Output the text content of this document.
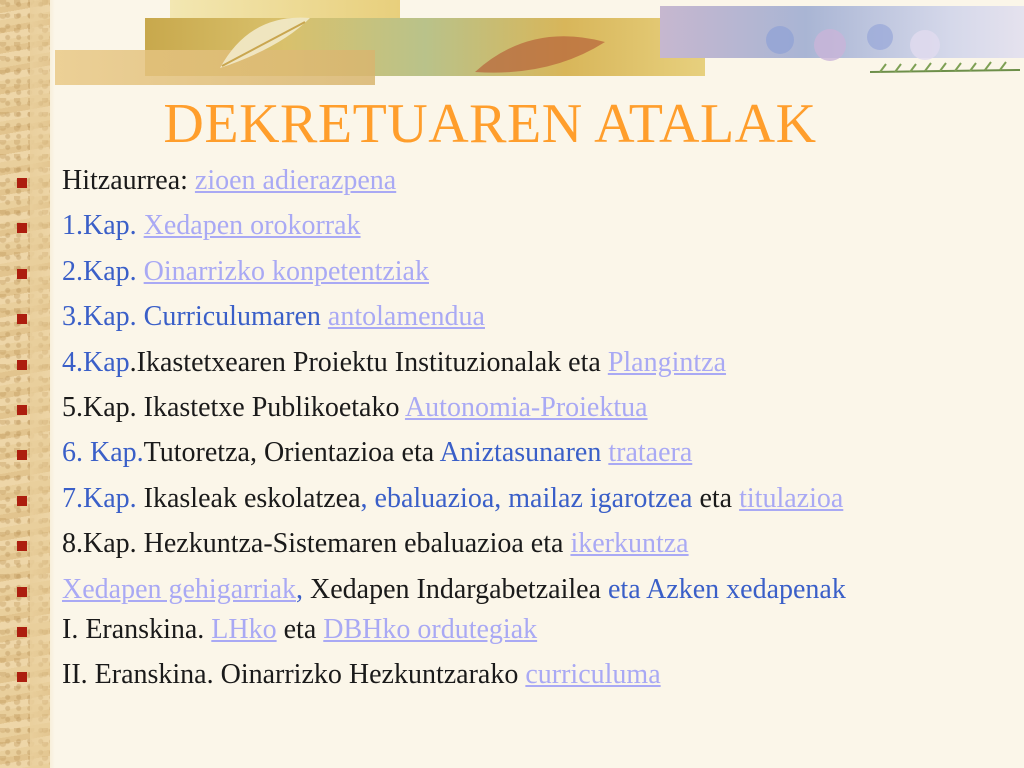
DEKRETUAREN ATALAK
Hitzaurrea: zioen adierazpena
1.Kap. Xedapen orokorrak
2.Kap. Oinarrizko konpetentziak
3.Kap. Curriculumaren antolamendua
4.Kap.Ikastetxearen Proiektu Instituzionalak eta Plangintza
5.Kap. Ikastetxe Publikoetako Autonomia-Proiektua
6. Kap.Tutoretza, Orientazioa eta Aniztasunaren trataera
7.Kap. Ikasleak eskolatzea, ebaluazioa, mailaz igarotzea eta titulazioa
8.Kap. Hezkuntza-Sistemaren ebaluazioa eta ikerkuntza
Xedapen gehigarriak, Xedapen Indargabetzailea eta Azken xedapenak
I. Eranskina. LHko eta DBHko ordutegiak
II. Eranskina. Oinarrizko Hezkuntzarako curriculuma
